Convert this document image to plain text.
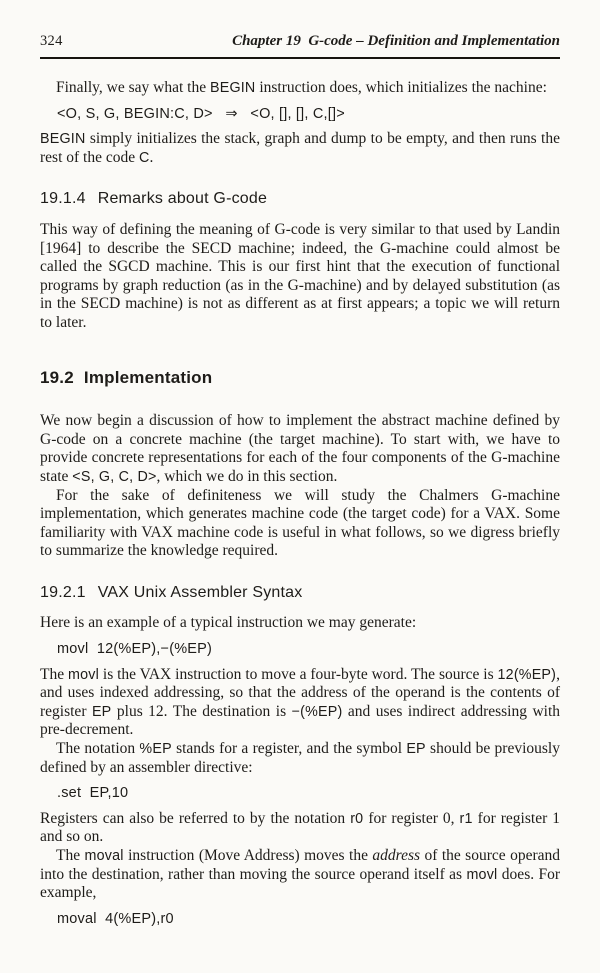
324	Chapter 19  G-code – Definition and Implementation

Finally, we say what the BEGIN instruction does, which initializes the nachine:

<O, S, G, BEGIN:C, D>   ⇒   <O, [], [], C,[]>

BEGIN simply initializes the stack, graph and dump to be empty, and then runs the rest of the code C.

19.1.4 Remarks about G-code

This way of defining the meaning of G-code is very similar to that used by Landin [1964] to describe the SECD machine; indeed, the G-machine could almost be called the SGCD machine. This is our first hint that the execution of functional programs by graph reduction (as in the G-machine) and by delayed substitution (as in the SECD machine) is not as different as at first appears; a topic we will return to later.

19.2 Implementation

We now begin a discussion of how to implement the abstract machine defined by G-code on a concrete machine (the target machine). To start with, we have to provide concrete representations for each of the four components of the G-machine state <S, G, C, D>, which we do in this section.

For the sake of definiteness we will study the Chalmers G-machine implementation, which generates machine code (the target code) for a VAX. Some familiarity with VAX machine code is useful in what follows, so we digress briefly to summarize the knowledge required.

19.2.1 VAX Unix Assembler Syntax

Here is an example of a typical instruction we may generate:

movl  12(%EP),−(%EP)

The movl is the VAX instruction to move a four-byte word. The source is 12(%EP), and uses indexed addressing, so that the address of the operand is the contents of register EP plus 12. The destination is −(%EP) and uses indirect addressing with pre-decrement.

The notation %EP stands for a register, and the symbol EP should be previously defined by an assembler directive:

.set  EP,10

Registers can also be referred to by the notation r0 for register 0, r1 for register 1 and so on.

The moval instruction (Move Address) moves the address of the source operand into the destination, rather than moving the source operand itself as movl does. For example,

moval  4(%EP),r0
